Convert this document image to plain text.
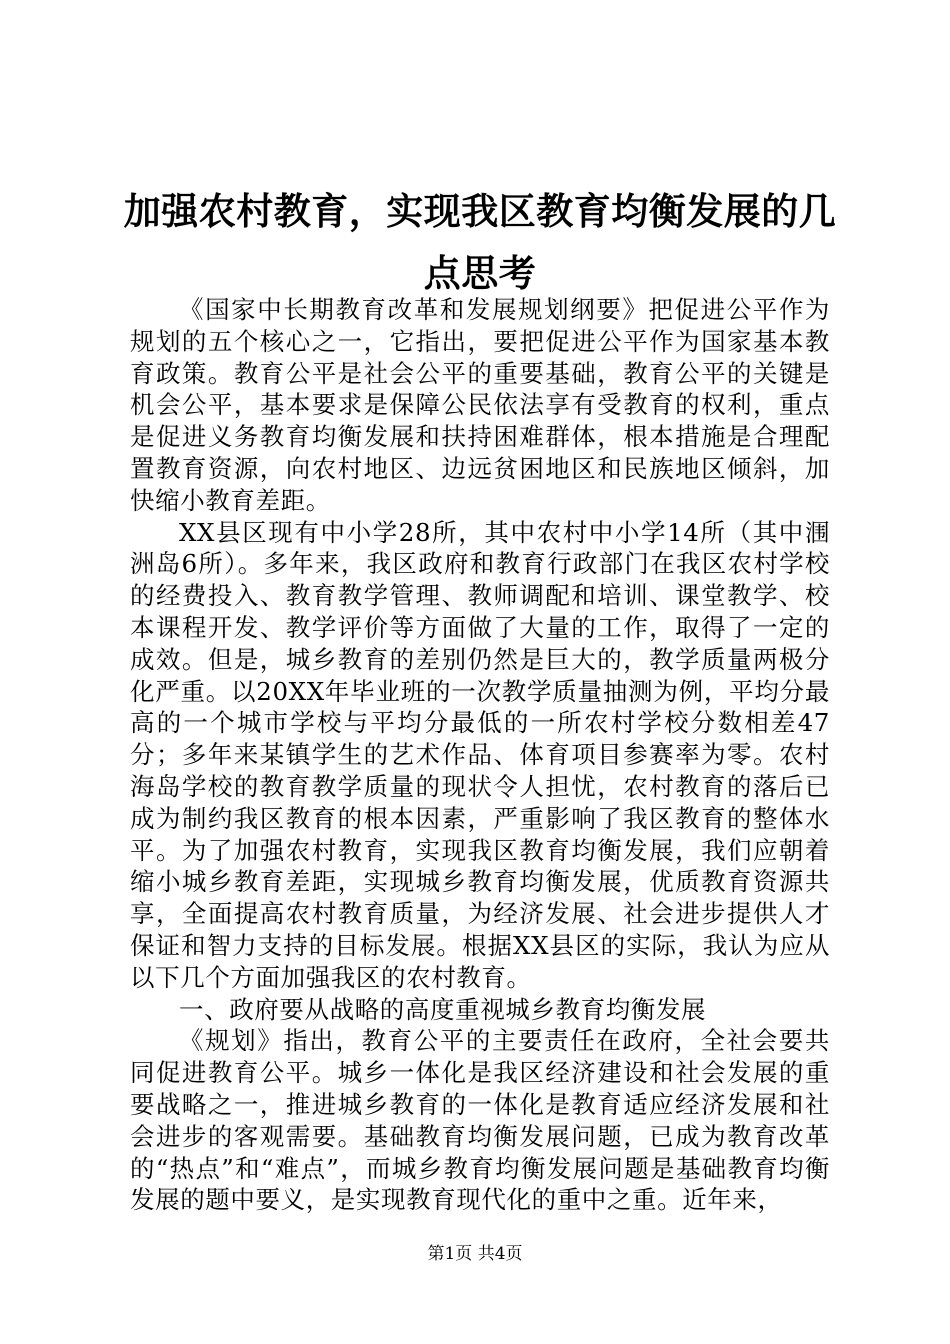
加强农村教育，实现我区教育均衡发展的几点思考

《国家中长期教育改革和发展规划纲要》把促进公平作为规划的五个核心之一，它指出，要把促进公平作为国家基本教育政策。教育公平是社会公平的重要基础，教育公平的关键是机会公平，基本要求是保障公民依法享有受教育的权利，重点是促进义务教育均衡发展和扶持困难群体，根本措施是合理配置教育资源，向农村地区、边远贫困地区和民族地区倾斜，加快缩小教育差距。

XX县区现有中小学28所，其中农村中小学14所（其中涠洲岛6所）。多年来，我区政府和教育行政部门在我区农村学校的经费投入、教育教学管理、教师调配和培训、课堂教学、校本课程开发、教学评价等方面做了大量的工作，取得了一定的成效。但是，城乡教育的差别仍然是巨大的，教学质量两极分化严重。以20XX年毕业班的一次教学质量抽测为例，平均分最高的一个城市学校与平均分最低的一所农村学校分数相差47分；多年来某镇学生的艺术作品、体育项目参赛率为零。农村海岛学校的教育教学质量的现状令人担忧，农村教育的落后已成为制约我区教育的根本因素，严重影响了我区教育的整体水平。为了加强农村教育，实现我区教育均衡发展，我们应朝着缩小城乡教育差距，实现城乡教育均衡发展，优质教育资源共享，全面提高农村教育质量，为经济发展、社会进步提供人才保证和智力支持的目标发展。根据XX县区的实际，我认为应从以下几个方面加强我区的农村教育。

一、政府要从战略的高度重视城乡教育均衡发展

《规划》指出，教育公平的主要责任在政府，全社会要共同促进教育公平。城乡一体化是我区经济建设和社会发展的重要战略之一，推进城乡教育的一体化是教育适应经济发展和社会进步的客观需要。基础教育均衡发展问题，已成为教育改革的“热点”和“难点”，而城乡教育均衡发展问题是基础教育均衡发展的题中要义，是实现教育现代化的重中之重。近年来，

第1页 共4页
